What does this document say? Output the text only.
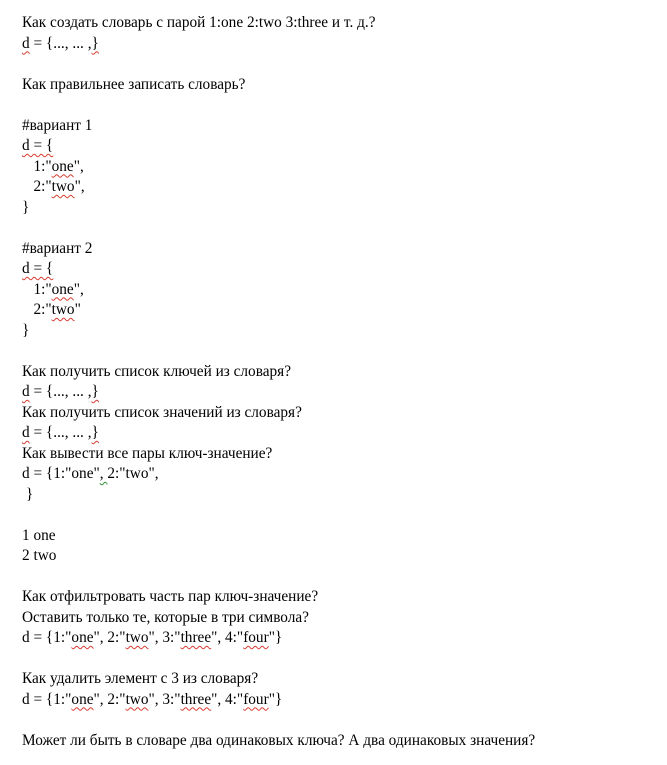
Как создать словарь с парой 1:one 2:two 3:three и т. д.?
d = {..., ... ,}
Как правильнее записать словарь?
#вариант 1
d = {
1:"one",
2:"two",
}
#вариант 2
d = {
1:"one",
2:"two"
}
Как получить список ключей из словаря?
d = {..., ... ,}
Как получить список значений из словаря?
d = {..., ... ,}
Как вывести все пары ключ-значение?
d = {1:"one", 2:"two",
}
1 one
2 two
Как отфильтровать часть пар ключ-значение?
Оставить только те, которые в три символа?
d = {1:"one", 2:"two", 3:"three", 4:"four"}
Как удалить элемент с 3 из словаря?
d = {1:"one", 2:"two", 3:"three", 4:"four"}
Может ли быть в словаре два одинаковых ключа? А два одинаковых значения?
